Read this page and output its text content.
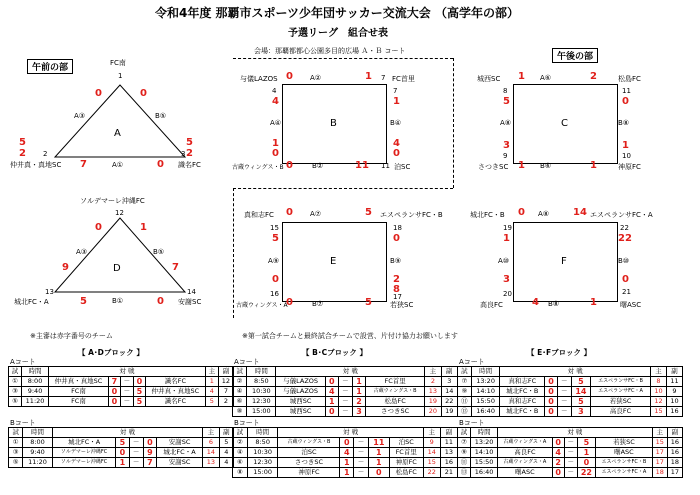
令和4年度 那覇市スポーツ少年団サッカー交流大会 （高学年の部）
予選リーグ　組合せ表
会場：那覇都都心公園多目的広場 Ａ・Ｂ コート
午前の部
午後の部
FC南
1
0	0
A③	B⑤
A
5
2
2
5
2
3
仲井真・真地SC 7	A①	0 識名FC
ソルデマーレ沖縄FC
12
0	1
A③	B⑤
9	D	7
13	14
城北FC・A	5	B①	0 安謝SC
与儀LAZOS 0 A②	1 7 FC首里
4	7
4	1
A④	B	B④
1	4
0	0
古蔵ウィングス・B 0	B②	11 11 泊SC
城西SC 1 A⑥	2	松島FC
8	11
5	0
A⑧	C	B⑧
3	1
9	10
さつきSC 1 B⑥	1	神原FC
真和志FC 0 A⑦	5 エスペランサFC・B
15	18
5	0
A⑨	E	B⑨
0	2
8
16	17
古蔵ウィングス・A
0	B⑦	5	若狭SC
城北FC・B 0 A⑧ 14 エスペランサFC・A
19	22
1	22
A⑩	F	B⑩
3	0
20	21
高良FC	4 B⑧	1	曙ASC
※主審は赤字番号のチーム	※第一試合チームと最終試合チームで設営、片付け協力お願いします
【 A･Dブロック 】
Aコート
試	時間	対 戦					主	副
①	8:00	仲井真・真地SC	7	－	0	識名FC	1	12
③	9:40	FC南	0	－	5	仲井真・真地SC	4	7
⑤	11:20	FC南	0	－	5	識名FC	5	2
Bコート
試	時間	対 戦					主	副
①	8:00	城北FC・A	5	－	0	安謝SC	6	5
③	9:40	ソルデマーレ沖縄FC	0	－	9	城北FC・A	14	4
⑤	11:20	ソルデマーレ沖縄FC	1	－	7	安謝SC	13	4
【 B･Cブロック 】
Aコート
試	時間	対 戦					主	副
②	8:50	与儀LAZOS	0	－	1	FC首里	2	3
④	10:30	与儀LAZOS	4	－	1	古蔵ウィングス・B	13	14
⑥	12:30	城西SC	1	－	2	松島FC	19	22
⑧	15:00	城西SC	0	－	3	さつきSC	20	19
Bコート
試	時間	対 戦					主	副
②	8:50	古蔵ウィングス・B	0	－	11	泊SC	9	11
④	10:30	泊SC	4	－	1	FC首里	14	13
⑥	12:30	さつきSC	1	－	1	神原FC	15	16
⑧	15:00	神原FC	1	－	0	松島FC	22	21
【 E･Fブロック 】
Aコート
試	時間	対 戦					主	副
⑦	13:20	真和志FC	0	－	5	エスペランサFC・B	8	11
⑨	14:10	城北FC・B	0	－	14	エスペランサFC・A	10	9
⑪	15:50	真和志FC	0	－	5	若狭SC	12	10
⑬	16:40	城北FC・B	0	－	3	高良FC	15	16
Bコート
試	時間	対 戦					主	副
⑦	13:20	古蔵ウィングス・A	0	－	5	若狭SC	15	16
⑨	14:10	高良FC	4	－	1	曙ASC	17	16
⑪	15:50	古蔵ウィングス・A	2	－	0	エスペランサFC・B	17	18
⑬	16:40	曙ASC	0	－	22	エスペランサFC・A	18	17
